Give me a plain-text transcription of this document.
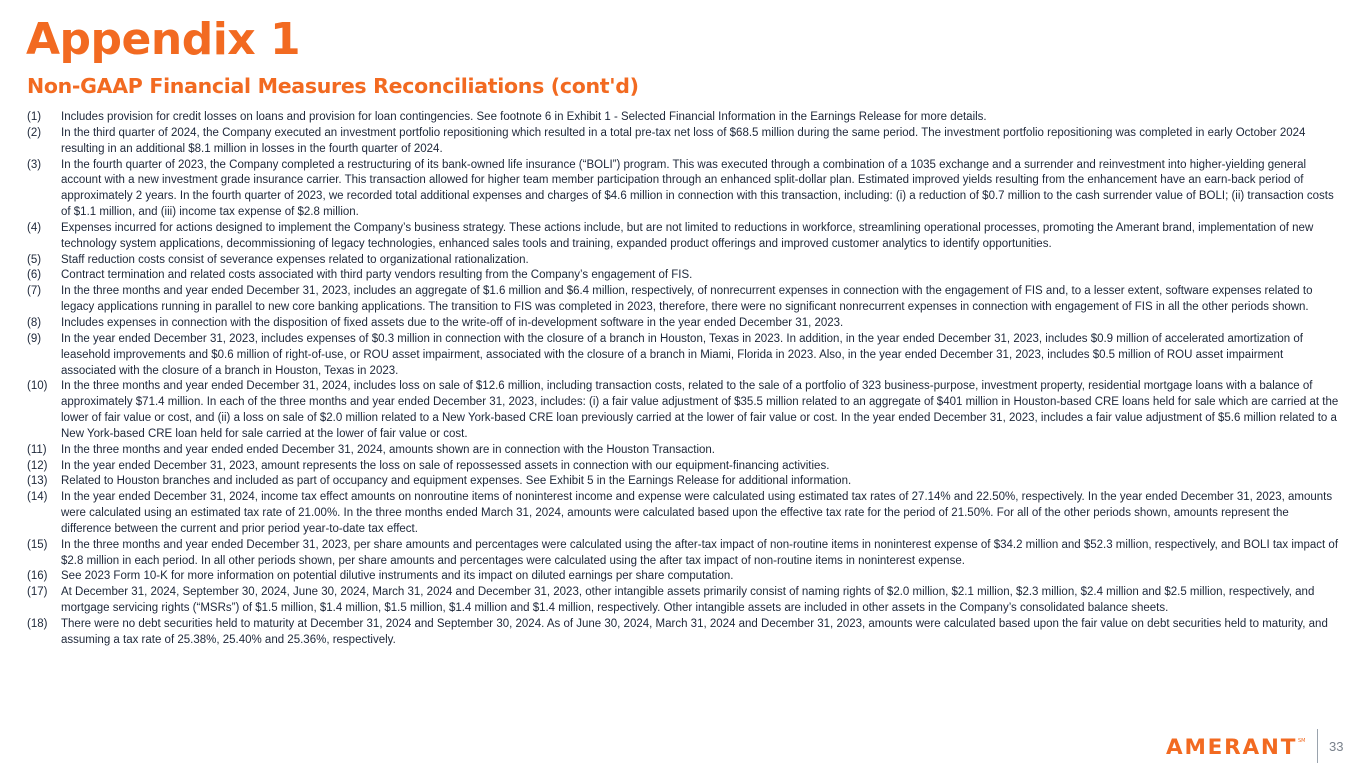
Appendix 1
Non-GAAP Financial Measures Reconciliations (cont'd)
(1) Includes provision for credit losses on loans and provision for loan contingencies. See footnote 6 in Exhibit 1 - Selected Financial Information in the Earnings Release for more details.
(2) In the third quarter of 2024, the Company executed an investment portfolio repositioning which resulted in a total pre-tax net loss of $68.5 million during the same period. The investment portfolio repositioning was completed in early October 2024 resulting in an additional $8.1 million in losses in the fourth quarter of 2024.
(3) In the fourth quarter of 2023, the Company completed a restructuring of its bank-owned life insurance (“BOLI”) program. This was executed through a combination of a 1035 exchange and a surrender and reinvestment into higher-yielding general account with a new investment grade insurance carrier. This transaction allowed for higher team member participation through an enhanced split-dollar plan. Estimated improved yields resulting from the enhancement have an earn-back period of approximately 2 years. In the fourth quarter of 2023, we recorded total additional expenses and charges of $4.6 million in connection with this transaction, including: (i) a reduction of $0.7 million to the cash surrender value of BOLI; (ii) transaction costs of $1.1 million, and (iii) income tax expense of $2.8 million.
(4) Expenses incurred for actions designed to implement the Company’s business strategy. These actions include, but are not limited to reductions in workforce, streamlining operational processes, promoting the Amerant brand, implementation of new technology system applications, decommissioning of legacy technologies, enhanced sales tools and training, expanded product offerings and improved customer analytics to identify opportunities.
(5) Staff reduction costs consist of severance expenses related to organizational rationalization.
(6) Contract termination and related costs associated with third party vendors resulting from the Company’s engagement of FIS.
(7) In the three months and year ended December 31, 2023, includes an aggregate of $1.6 million and $6.4 million, respectively, of nonrecurrent expenses in connection with the engagement of FIS and, to a lesser extent, software expenses related to legacy applications running in parallel to new core banking applications. The transition to FIS was completed in 2023, therefore, there were no significant nonrecurrent expenses in connection with engagement of FIS in all the other periods shown.
(8) Includes expenses in connection with the disposition of fixed assets due to the write-off of in-development software in the year ended December 31, 2023.
(9) In the year ended December 31, 2023, includes expenses of $0.3 million in connection with the closure of a branch in Houston, Texas in 2023. In addition, in the year ended December 31, 2023, includes $0.9 million of accelerated amortization of leasehold improvements and $0.6 million of right-of-use, or ROU asset impairment, associated with the closure of a branch in Miami, Florida in 2023. Also, in the year ended December 31, 2023, includes $0.5 million of ROU asset impairment associated with the closure of a branch in Houston, Texas in 2023.
(10) In the three months and year ended December 31, 2024, includes loss on sale of $12.6 million, including transaction costs, related to the sale of a portfolio of 323 business-purpose, investment property, residential mortgage loans with a balance of approximately $71.4 million. In each of the three months and year ended December 31, 2023, includes: (i) a fair value adjustment of $35.5 million related to an aggregate of $401 million in Houston-based CRE loans held for sale which are carried at the lower of fair value or cost, and (ii) a loss on sale of $2.0 million related to a New York-based CRE loan previously carried at the lower of fair value or cost. In the year ended December 31, 2023, includes a fair value adjustment of $5.6 million related to a New York-based CRE loan held for sale carried at the lower of fair value or cost.
(11) In the three months and year ended ended December 31, 2024, amounts shown are in connection with the Houston Transaction.
(12) In the year ended December 31, 2023, amount represents the loss on sale of repossessed assets in connection with our equipment-financing activities.
(13) Related to Houston branches and included as part of occupancy and equipment expenses. See Exhibit 5 in the Earnings Release for additional information.
(14) In the year ended December 31, 2024, income tax effect amounts on nonroutine items of noninterest income and expense were calculated using estimated tax rates of 27.14% and 22.50%, respectively. In the year ended December 31, 2023, amounts were calculated using an estimated tax rate of 21.00%. In the three months ended March 31, 2024, amounts were calculated based upon the effective tax rate for the period of 21.50%. For all of the other periods shown, amounts represent the difference between the current and prior period year-to-date tax effect.
(15) In the three months and year ended December 31, 2023, per share amounts and percentages were calculated using the after-tax impact of non-routine items in noninterest expense of $34.2 million and $52.3 million, respectively, and BOLI tax impact of $2.8 million in each period. In all other periods shown, per share amounts and percentages were calculated using the after tax impact of non-routine items in noninterest expense.
(16) See 2023 Form 10-K for more information on potential dilutive instruments and its impact on diluted earnings per share computation.
(17) At December 31, 2024, September 30, 2024, June 30, 2024, March 31, 2024 and December 31, 2023, other intangible assets primarily consist of naming rights of $2.0 million, $2.1 million, $2.3 million, $2.4 million and $2.5 million, respectively, and mortgage servicing rights (“MSRs”) of $1.5 million, $1.4 million, $1.5 million, $1.4 million and $1.4 million, respectively. Other intangible assets are included in other assets in the Company’s consolidated balance sheets.
(18) There were no debt securities held to maturity at December 31, 2024 and September 30, 2024. As of June 30, 2024, March 31, 2024 and December 31, 2023, amounts were calculated based upon the fair value on debt securities held to maturity, and assuming a tax rate of 25.38%, 25.40% and 25.36%, respectively.
AMERANT SM 33
